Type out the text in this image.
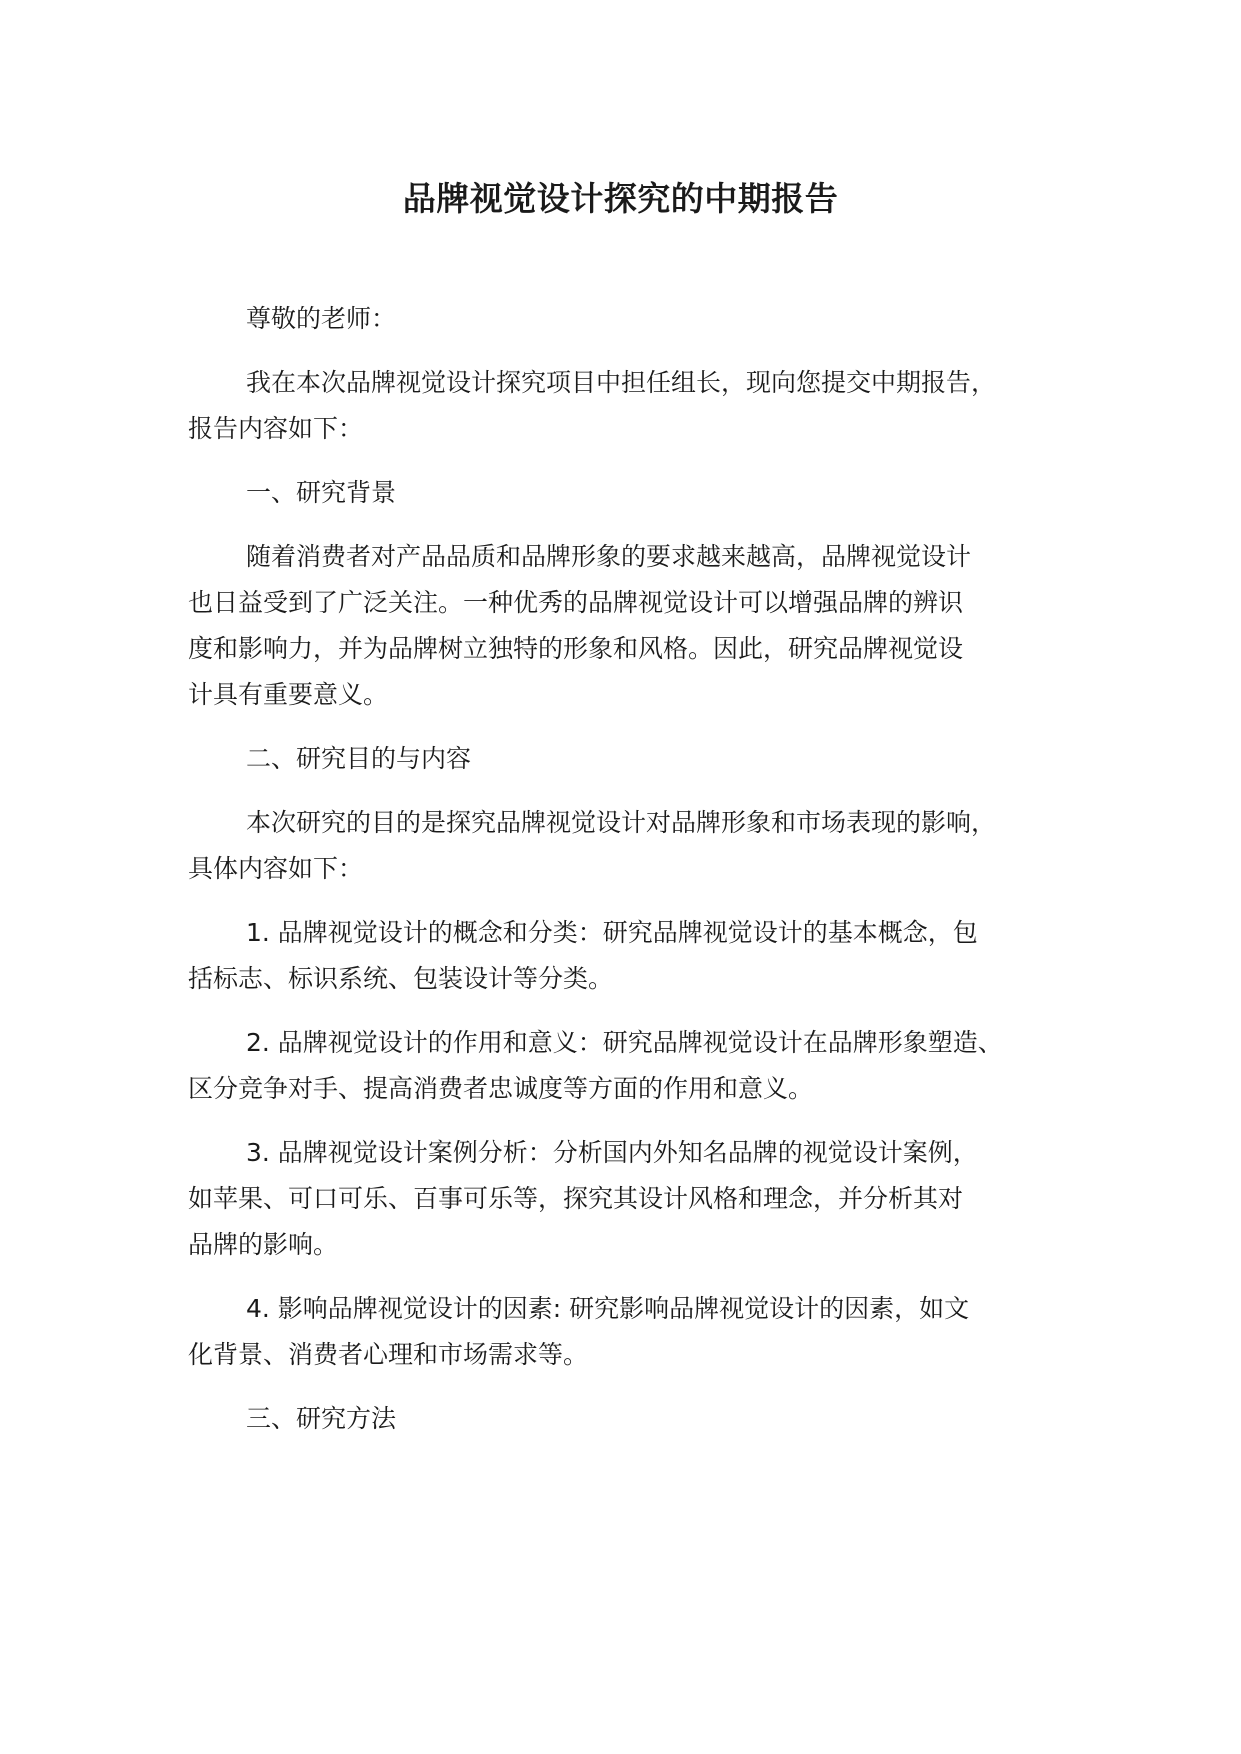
品牌视觉设计探究的中期报告

尊敬的老师：

我在本次品牌视觉设计探究项目中担任组长，现向您提交中期报告，
报告内容如下：

一、研究背景

随着消费者对产品品质和品牌形象的要求越来越高，品牌视觉设计
也日益受到了广泛关注。一种优秀的品牌视觉设计可以增强品牌的辨识
度和影响力，并为品牌树立独特的形象和风格。因此，研究品牌视觉设
计具有重要意义。

二、研究目的与内容

本次研究的目的是探究品牌视觉设计对品牌形象和市场表现的影响，
具体内容如下：

1. 品牌视觉设计的概念和分类：研究品牌视觉设计的基本概念，包
括标志、标识系统、包装设计等分类。

2. 品牌视觉设计的作用和意义：研究品牌视觉设计在品牌形象塑造、
区分竞争对手、提高消费者忠诚度等方面的作用和意义。

3. 品牌视觉设计案例分析：分析国内外知名品牌的视觉设计案例，
如苹果、可口可乐、百事可乐等，探究其设计风格和理念，并分析其对
品牌的影响。

4. 影响品牌视觉设计的因素: 研究影响品牌视觉设计的因素，如文
化背景、消费者心理和市场需求等。

三、研究方法
